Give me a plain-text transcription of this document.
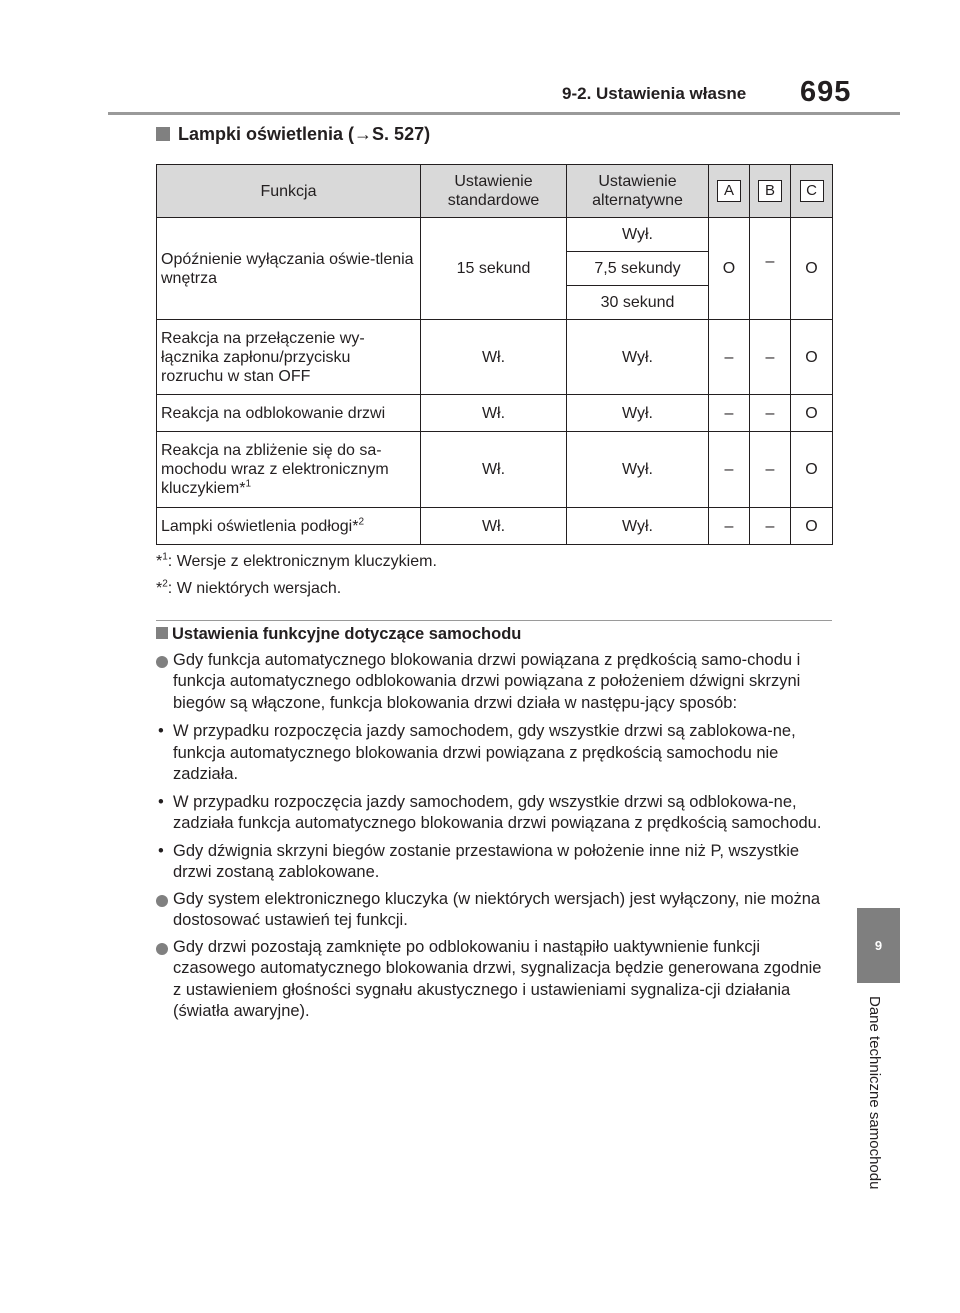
9-2. Ustawienia własne 695
9
Dane techniczne samochodu
Lampki oświetlenia (→S. 527)
Funkcja	Ustawienie standardowe	Ustawienie alternatywne	A	B	C
Opóźnienie wyłączania oświe-tlenia wnętrza	15 sekund	Wył.	O	–	O
		7,5 sekundy			
		30 sekund			
Reakcja na przełączenie wy-łącznika zapłonu/przycisku rozruchu w stan OFF	Wł.	Wył.	–	–	O
Reakcja na odblokowanie drzwi	Wł.	Wył.	–	–	O
Reakcja na zbliżenie się do sa-mochodu wraz z elektronicznym kluczykiem*$^1$	Wł.	Wył.	–	–	O
Lampki oświetlenia podłogi*$^2$	Wł.	Wył.	–	–	O
*$^1$: Wersje z elektronicznym kluczykiem.
*$^2$: W niektórych wersjach.
Ustawienia funkcyjne dotyczące samochodu
Gdy funkcja automatycznego blokowania drzwi powiązana z prędkością samo-chodu i funkcja automatycznego odblokowania drzwi powiązana z położeniem dźwigni skrzyni biegów są włączone, funkcja blokowania drzwi działa w następu-jący sposób:
• W przypadku rozpoczęcia jazdy samochodem, gdy wszystkie drzwi są zablokowa-ne, funkcja automatycznego blokowania drzwi powiązana z prędkością samochodu nie zadziała.
• W przypadku rozpoczęcia jazdy samochodem, gdy wszystkie drzwi są odblokowa-ne, zadziała funkcja automatycznego blokowania drzwi powiązana z prędkością samochodu.
• Gdy dźwignia skrzyni biegów zostanie przestawiona w położenie inne niż P, wszystkie drzwi zostaną zablokowane.
Gdy system elektronicznego kluczyka (w niektórych wersjach) jest wyłączony, nie można dostosować ustawień tej funkcji.
Gdy drzwi pozostają zamknięte po odblokowaniu i nastąpiło uaktywnienie funkcji czasowego automatycznego blokowania drzwi, sygnalizacja będzie generowana zgodnie z ustawieniem głośności sygnału akustycznego i ustawieniami sygnaliza-cji działania (światła awaryjne).
